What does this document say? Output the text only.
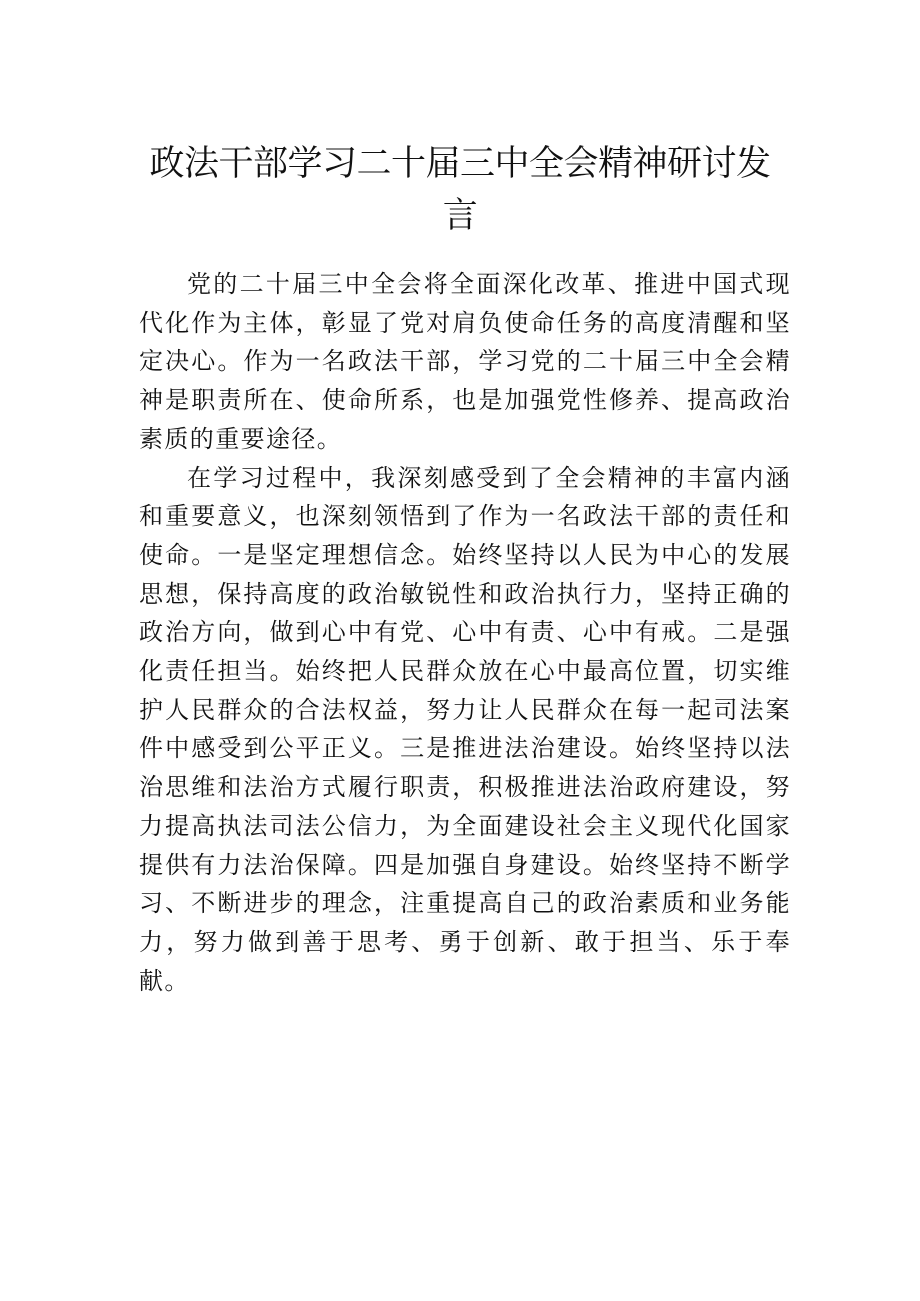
政法干部学习二十届三中全会精神研讨发言

党的二十届三中全会将全面深化改革、推进中国式现代化作为主体，彰显了党对肩负使命任务的高度清醒和坚定决心。作为一名政法干部，学习党的二十届三中全会精神是职责所在、使命所系，也是加强党性修养、提高政治素质的重要途径。

在学习过程中，我深刻感受到了全会精神的丰富内涵和重要意义，也深刻领悟到了作为一名政法干部的责任和使命。一是坚定理想信念。始终坚持以人民为中心的发展思想，保持高度的政治敏锐性和政治执行力，坚持正确的政治方向，做到心中有党、心中有责、心中有戒。二是强化责任担当。始终把人民群众放在心中最高位置，切实维护人民群众的合法权益，努力让人民群众在每一起司法案件中感受到公平正义。三是推进法治建设。始终坚持以法治思维和法治方式履行职责，积极推进法治政府建设，努力提高执法司法公信力，为全面建设社会主义现代化国家提供有力法治保障。四是加强自身建设。始终坚持不断学习、不断进步的理念，注重提高自己的政治素质和业务能力，努力做到善于思考、勇于创新、敢于担当、乐于奉献。
